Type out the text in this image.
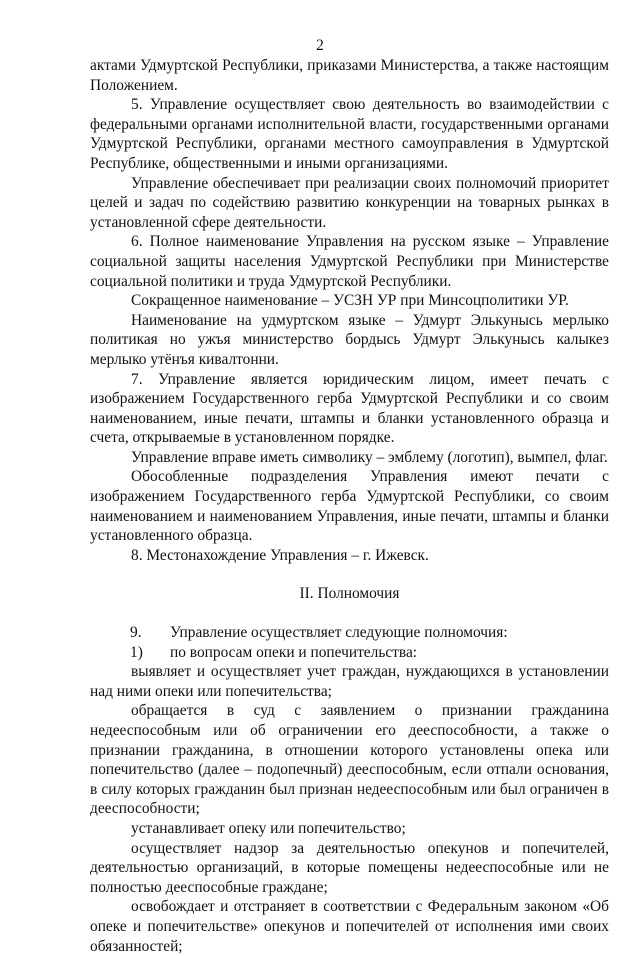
2

актами Удмуртской Республики, приказами Министерства, а также настоящим Положением.

5. Управление осуществляет свою деятельность во взаимодействии с федеральными органами исполнительной власти, государственными органами Удмуртской Республики, органами местного самоуправления в Удмуртской Республике, общественными и иными организациями.

Управление обеспечивает при реализации своих полномочий приоритет целей и задач по содействию развитию конкуренции на товарных рынках в установленной сфере деятельности.

6. Полное наименование Управления на русском языке – Управление социальной защиты населения Удмуртской Республики при Министерстве социальной политики и труда Удмуртской Республики.

Сокращенное наименование – УСЗН УР при Минсоцполитики УР.

Наименование на удмуртском языке – Удмурт Элькунысь мерлыко политикая но ужъя министерство бордысь Удмурт Элькунысь калыкез мерлыко утёнъя кивалтонни.

7. Управление является юридическим лицом, имеет печать с изображением Государственного герба Удмуртской Республики и со своим наименованием, иные печати, штампы и бланки установленного образца и счета, открываемые в установленном порядке.

Управление вправе иметь символику – эмблему (логотип), вымпел, флаг.

Обособленные подразделения Управления имеют печати с изображением Государственного герба Удмуртской Республики, со своим наименованием и наименованием Управления, иные печати, штампы и бланки установленного образца.

8. Местонахождение Управления – г. Ижевск.

II. Полномочия

9.	Управление осуществляет следующие полномочия:
1)	по вопросам опеки и попечительства:

выявляет и осуществляет учет граждан, нуждающихся в установлении над ними опеки или попечительства;

обращается в суд с заявлением о признании гражданина недееспособным или об ограничении его дееспособности, а также о признании гражданина, в отношении которого установлены опека или попечительство (далее – подопечный) дееспособным, если отпали основания, в силу которых гражданин был признан недееспособным или был ограничен в дееспособности;

устанавливает опеку или попечительство;

осуществляет надзор за деятельностью опекунов и попечителей, деятельностью организаций, в которые помещены недееспособные или не полностью дееспособные граждане;

освобождает и отстраняет в соответствии с Федеральным законом «Об опеке и попечительстве» опекунов и попечителей от исполнения ими своих обязанностей;
